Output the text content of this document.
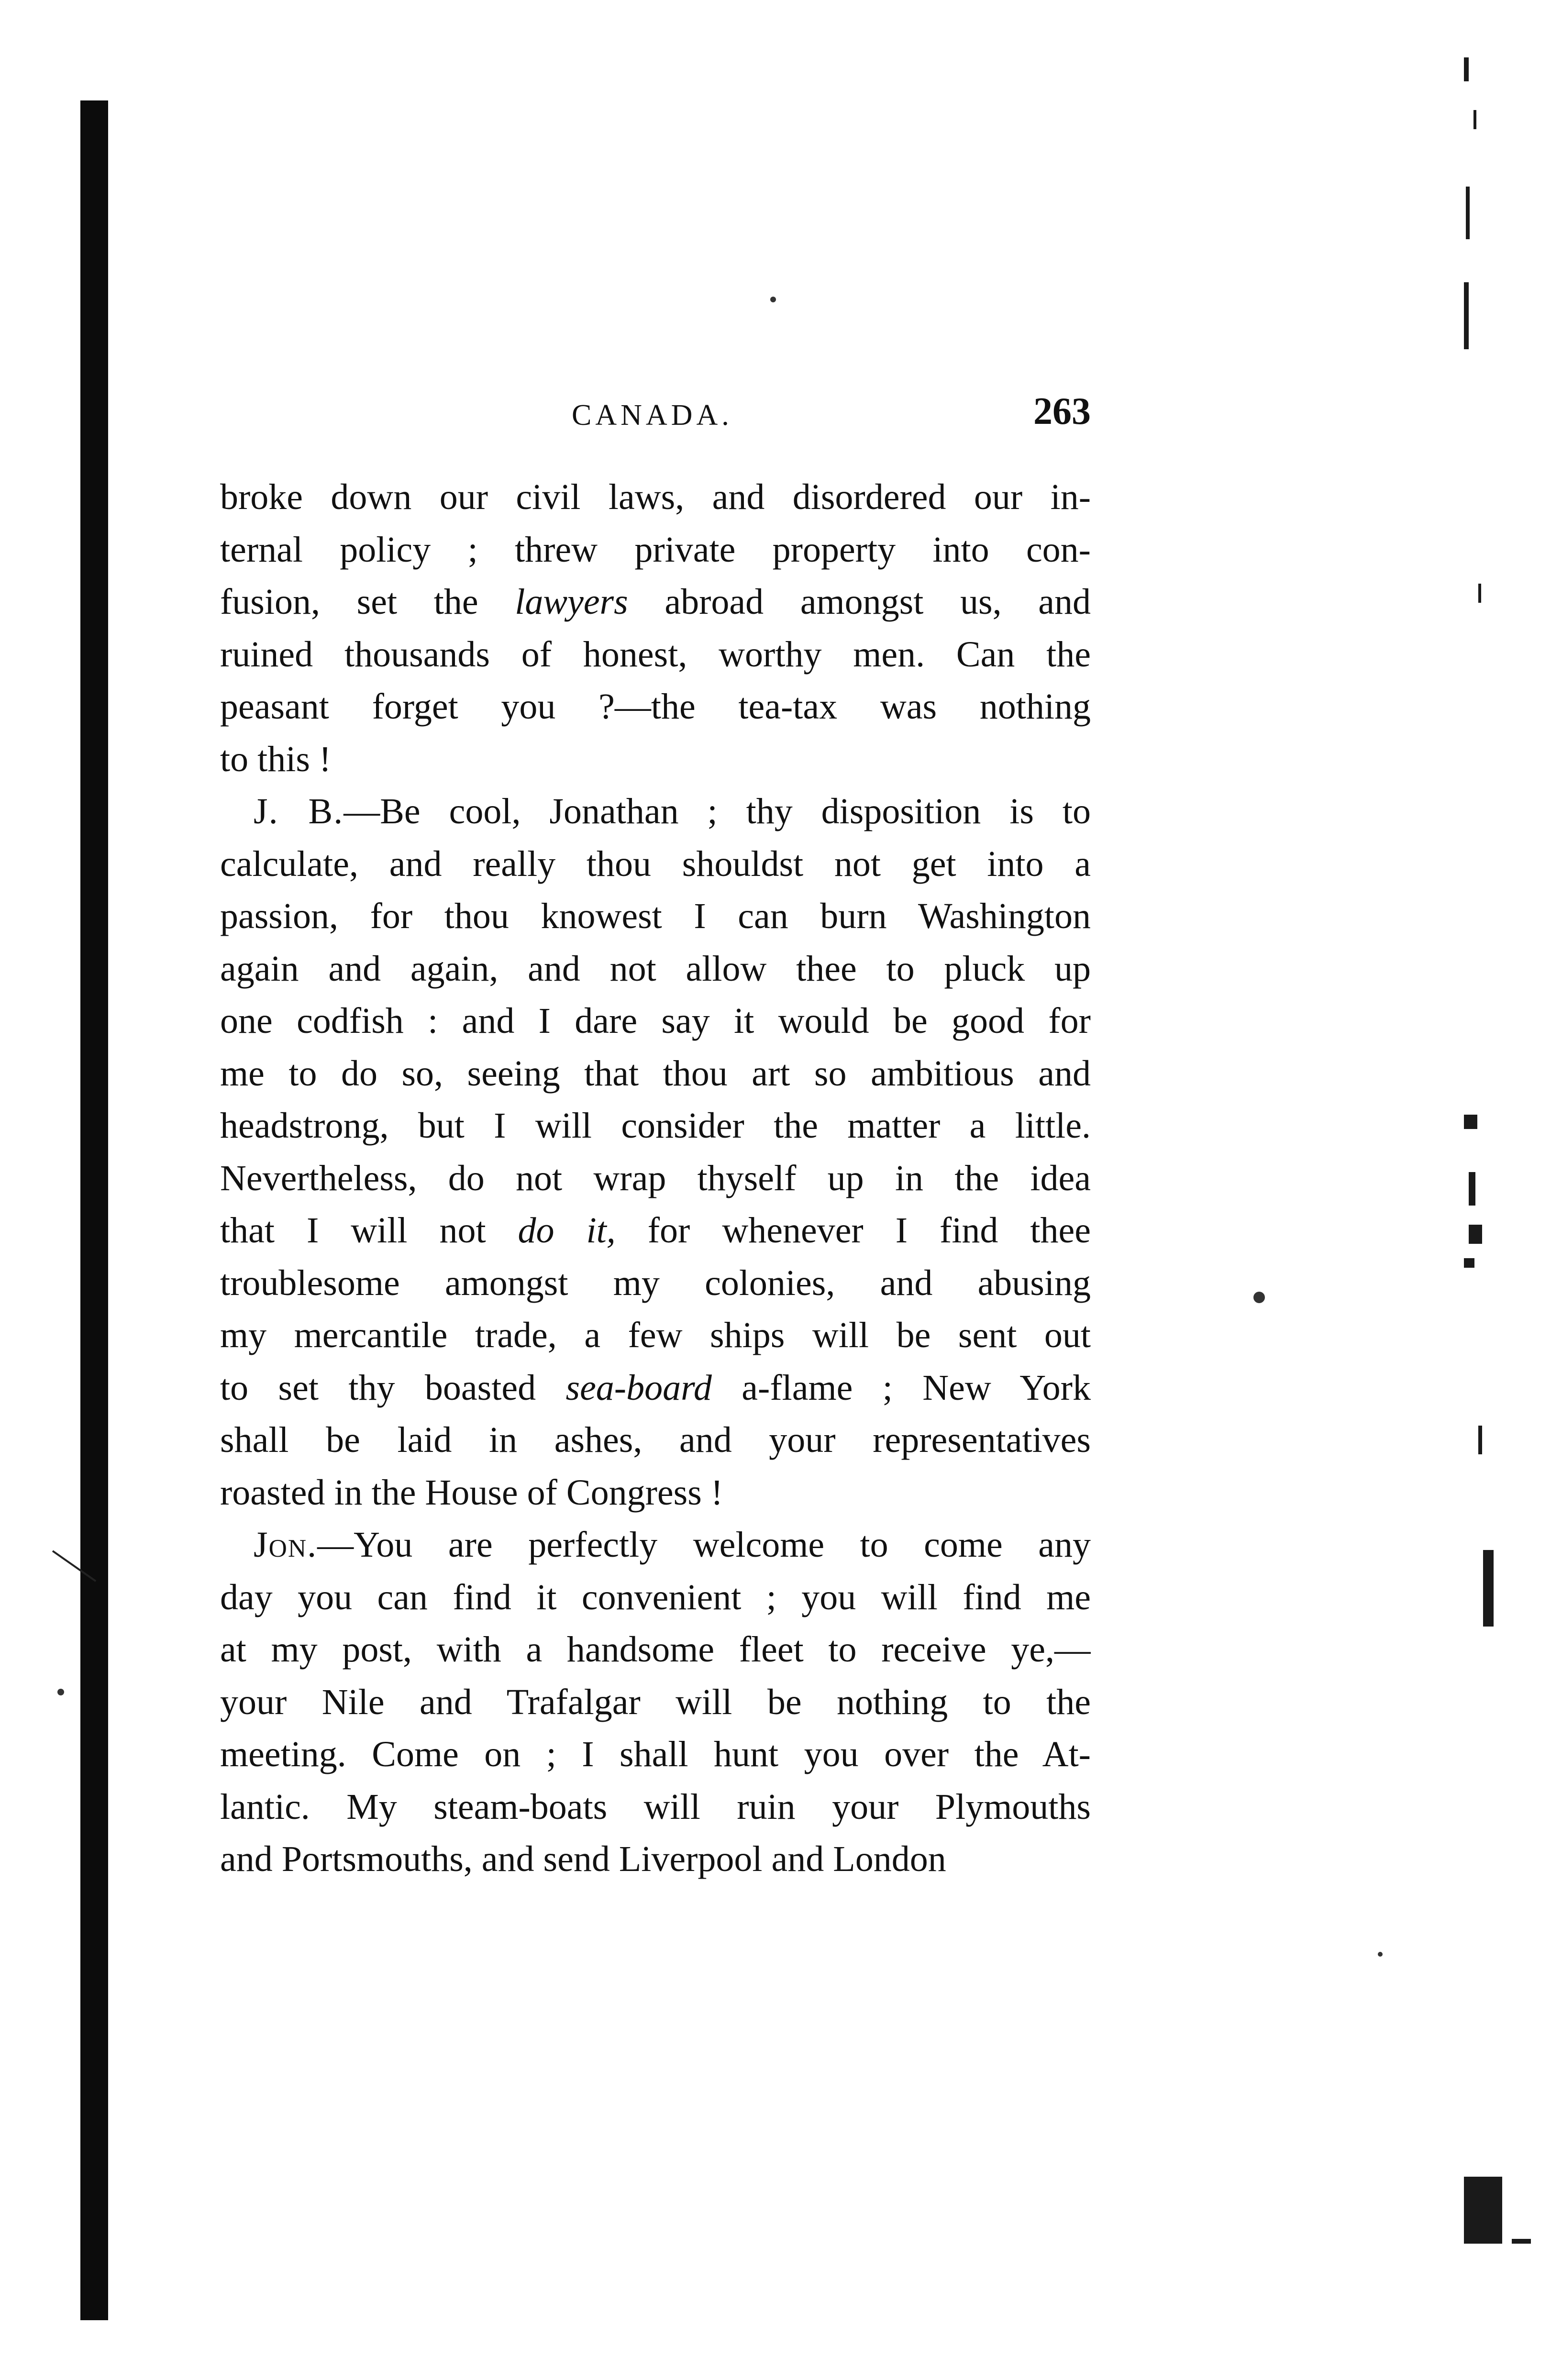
CANADA.	263
broke down our civil laws, and disordered our in-
ternal policy ; threw private property into con-
fusion, set the lawyers abroad amongst us, and
ruined thousands of honest, worthy men. Can the
peasant forget you ?—the tea-tax was nothing
to this !
J. B.—Be cool, Jonathan ; thy disposition is to
calculate, and really thou shouldst not get into a
passion, for thou knowest I can burn Washington
again and again, and not allow thee to pluck up
one codfish : and I dare say it would be good for
me to do so, seeing that thou art so ambitious and
headstrong, but I will consider the matter a little.
Nevertheless, do not wrap thyself up in the idea
that I will not do it, for whenever I find thee
troublesome amongst my colonies, and abusing
my mercantile trade, a few ships will be sent out
to set thy boasted sea-board a-flame ; New York
shall be laid in ashes, and your representatives
roasted in the House of Congress !
Jon.—You are perfectly welcome to come any
day you can find it convenient ; you will find me
at my post, with a handsome fleet to receive ye,—
your Nile and Trafalgar will be nothing to the
meeting. Come on ; I shall hunt you over the At-
lantic. My steam-boats will ruin your Plymouths
and Portsmouths, and send Liverpool and London
